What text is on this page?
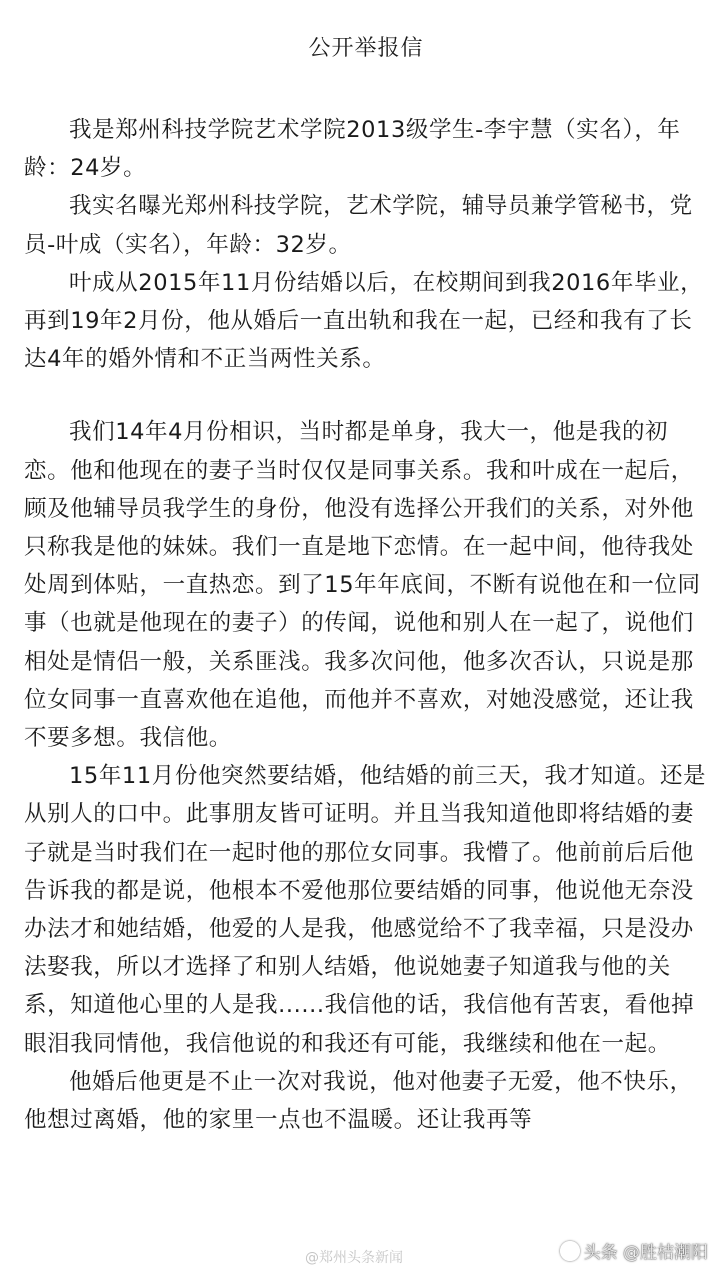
公开举报信

我是郑州科技学院艺术学院2013级学生-李宇慧（实名），年龄：24岁。

我实名曝光郑州科技学院，艺术学院，辅导员兼学管秘书，党员-叶成（实名），年龄：32岁。

叶成从2015年11月份结婚以后，在校期间到我2016年毕业，再到19年2月份，他从婚后一直出轨和我在一起，已经和我有了长达4年的婚外情和不正当两性关系。

我们14年4月份相识，当时都是单身，我大一，他是我的初恋。他和他现在的妻子当时仅仅是同事关系。我和叶成在一起后，顾及他辅导员我学生的身份，他没有选择公开我们的关系，对外他只称我是他的妹妹。我们一直是地下恋情。在一起中间，他待我处处周到体贴，一直热恋。到了15年年底间，不断有说他在和一位同事（也就是他现在的妻子）的传闻，说他和别人在一起了，说他们相处是情侣一般，关系匪浅。我多次问他，他多次否认，只说是那位女同事一直喜欢他在追他，而他并不喜欢，对她没感觉，还让我不要多想。我信他。

15年11月份他突然要结婚，他结婚的前三天，我才知道。还是从别人的口中。此事朋友皆可证明。并且当我知道他即将结婚的妻子就是当时我们在一起时他的那位女同事。我懵了。他前前后后他告诉我的都是说，他根本不爱他那位要结婚的同事，他说他无奈没办法才和她结婚，他爱的人是我，他感觉给不了我幸福，只是没办法娶我，所以才选择了和别人结婚，他说她妻子知道我与他的关系，知道他心里的人是我......我信他的话，我信他有苦衷，看他掉眼泪我同情他，我信他说的和我还有可能，我继续和他在一起。

他婚后他更是不止一次对我说，他对他妻子无爱，他不快乐，他想过离婚，他的家里一点也不温暖。还让我再等

@郑州头条新闻	头条 @胜桔潮阳
